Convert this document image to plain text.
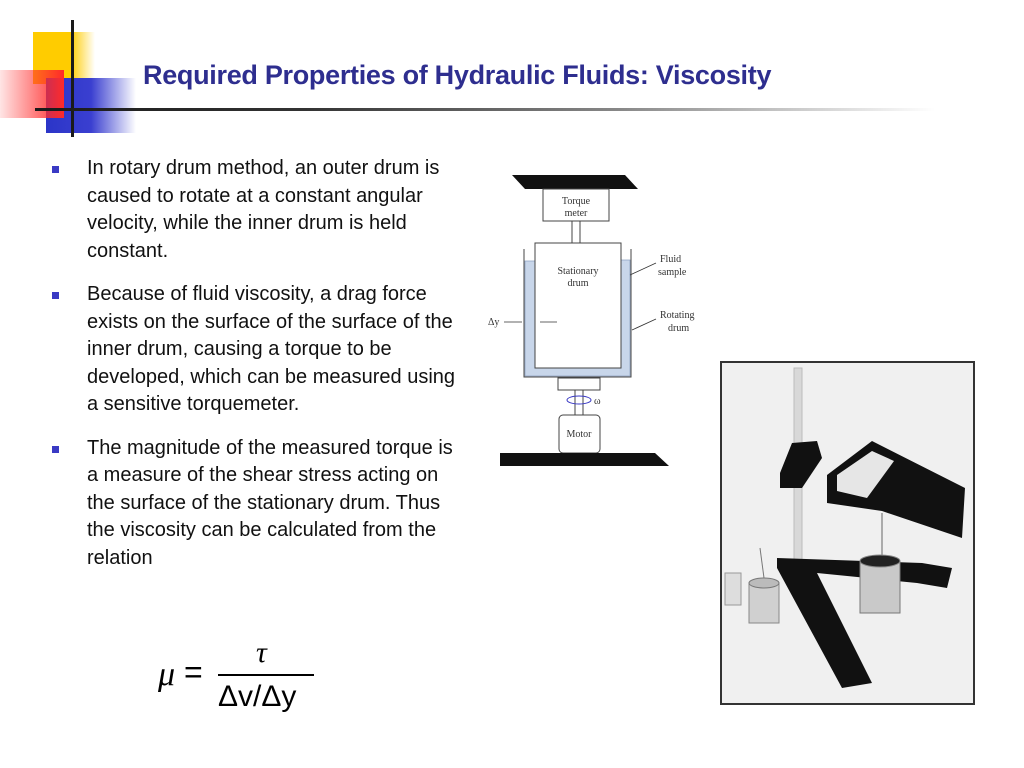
Required Properties of Hydraulic Fluids: Viscosity
In rotary drum method, an outer drum is caused to rotate at a constant angular velocity, while the inner drum is held constant.
Because of fluid viscosity, a drag force exists on the surface of the surface of the inner drum, causing a torque to be developed, which can be measured using a sensitive torquemeter.
The magnitude of the measured torque is a measure of the shear stress acting on the surface of the stationary drum. Thus the viscosity can be calculated from the relation
μ =
τ
Δv/Δy
Torque
meter
Stationary
drum
Fluid
sample
Rotating
drum
Δy
ω
Motor
